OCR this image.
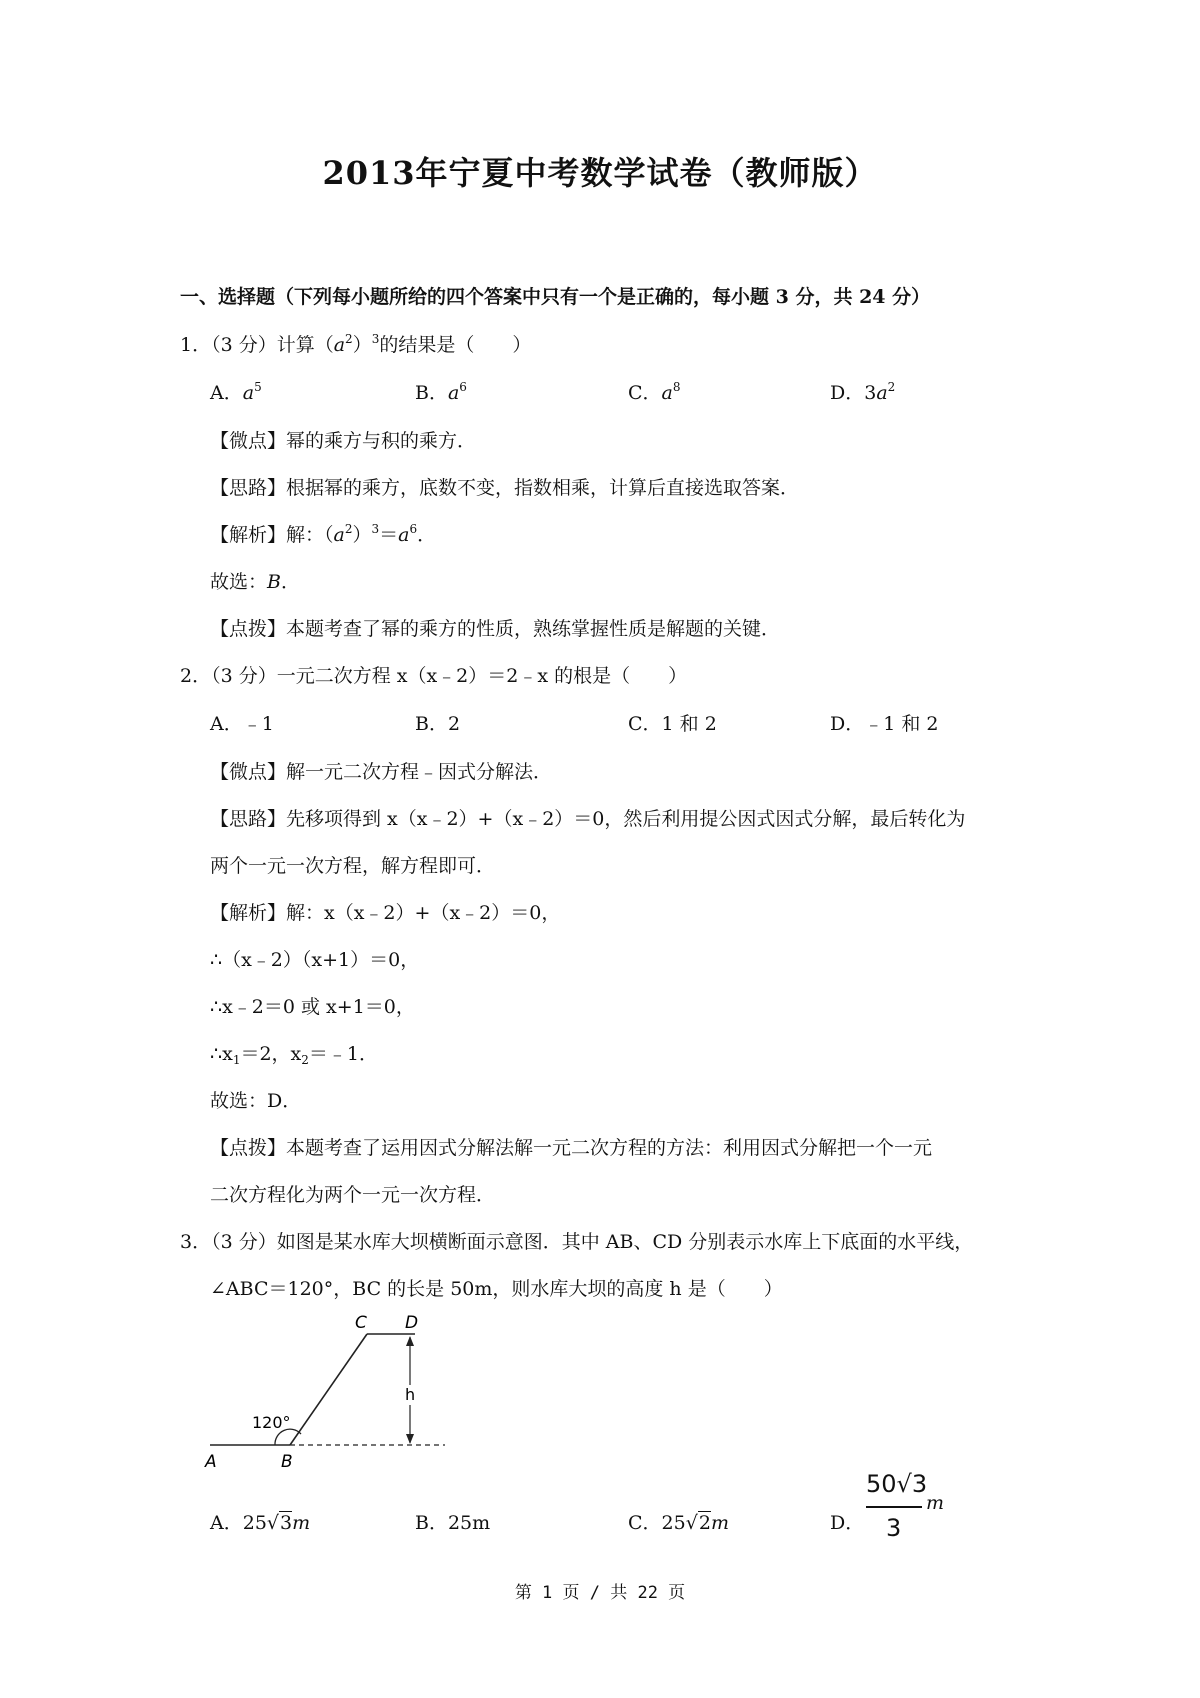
2013年宁夏中考数学试卷（教师版）
一、选择题（下列每小题所给的四个答案中只有一个是正确的，每小题 3 分，共 24 分）
1．（3 分）计算$(a^2)^3$的结果是（　　）
A．$a^5$	B．$a^6$	C．$a^8$	D．$3a^2$
【微点】幂的乘方与积的乘方．
【思路】根据幂的乘方，底数不变，指数相乘，计算后直接选取答案．
【解析】解：$(a^2)^3=a^6$．
故选：B．
【点拨】本题考查了幂的乘方的性质，熟练掌握性质是解题的关键．
2．（3 分）一元二次方程 x（x﹣2）＝2﹣x 的根是（　　）
A．﹣1	B．2	C．1 和 2	D．﹣1 和 2
【微点】解一元二次方程﹣因式分解法．
【思路】先移项得到 x（x﹣2）+（x﹣2）＝0，然后利用提公因式因式分解，最后转化为
两个一元一次方程，解方程即可．
【解析】解：x（x﹣2）+（x﹣2）＝0，
∴（x﹣2）（x+1）＝0，
∴x﹣2＝0 或 x+1＝0，
$\therefore x_1=2$，$x_2=﹣1$．
故选：D．
【点拨】本题考查了运用因式分解法解一元二次方程的方法：利用因式分解把一个一元
二次方程化为两个一元一次方程．
3．（3 分）如图是某水库大坝横断面示意图．其中 AB、CD 分别表示水库上下底面的水平线，
∠ABC＝120°，BC 的长是 50m，则水库大坝的高度 h 是（　　）
120°
A	B
C D
h
A．25√3m	B．25m	C．25√2m	D．
50√3
3
m
第 1 页 / 共 22 页
